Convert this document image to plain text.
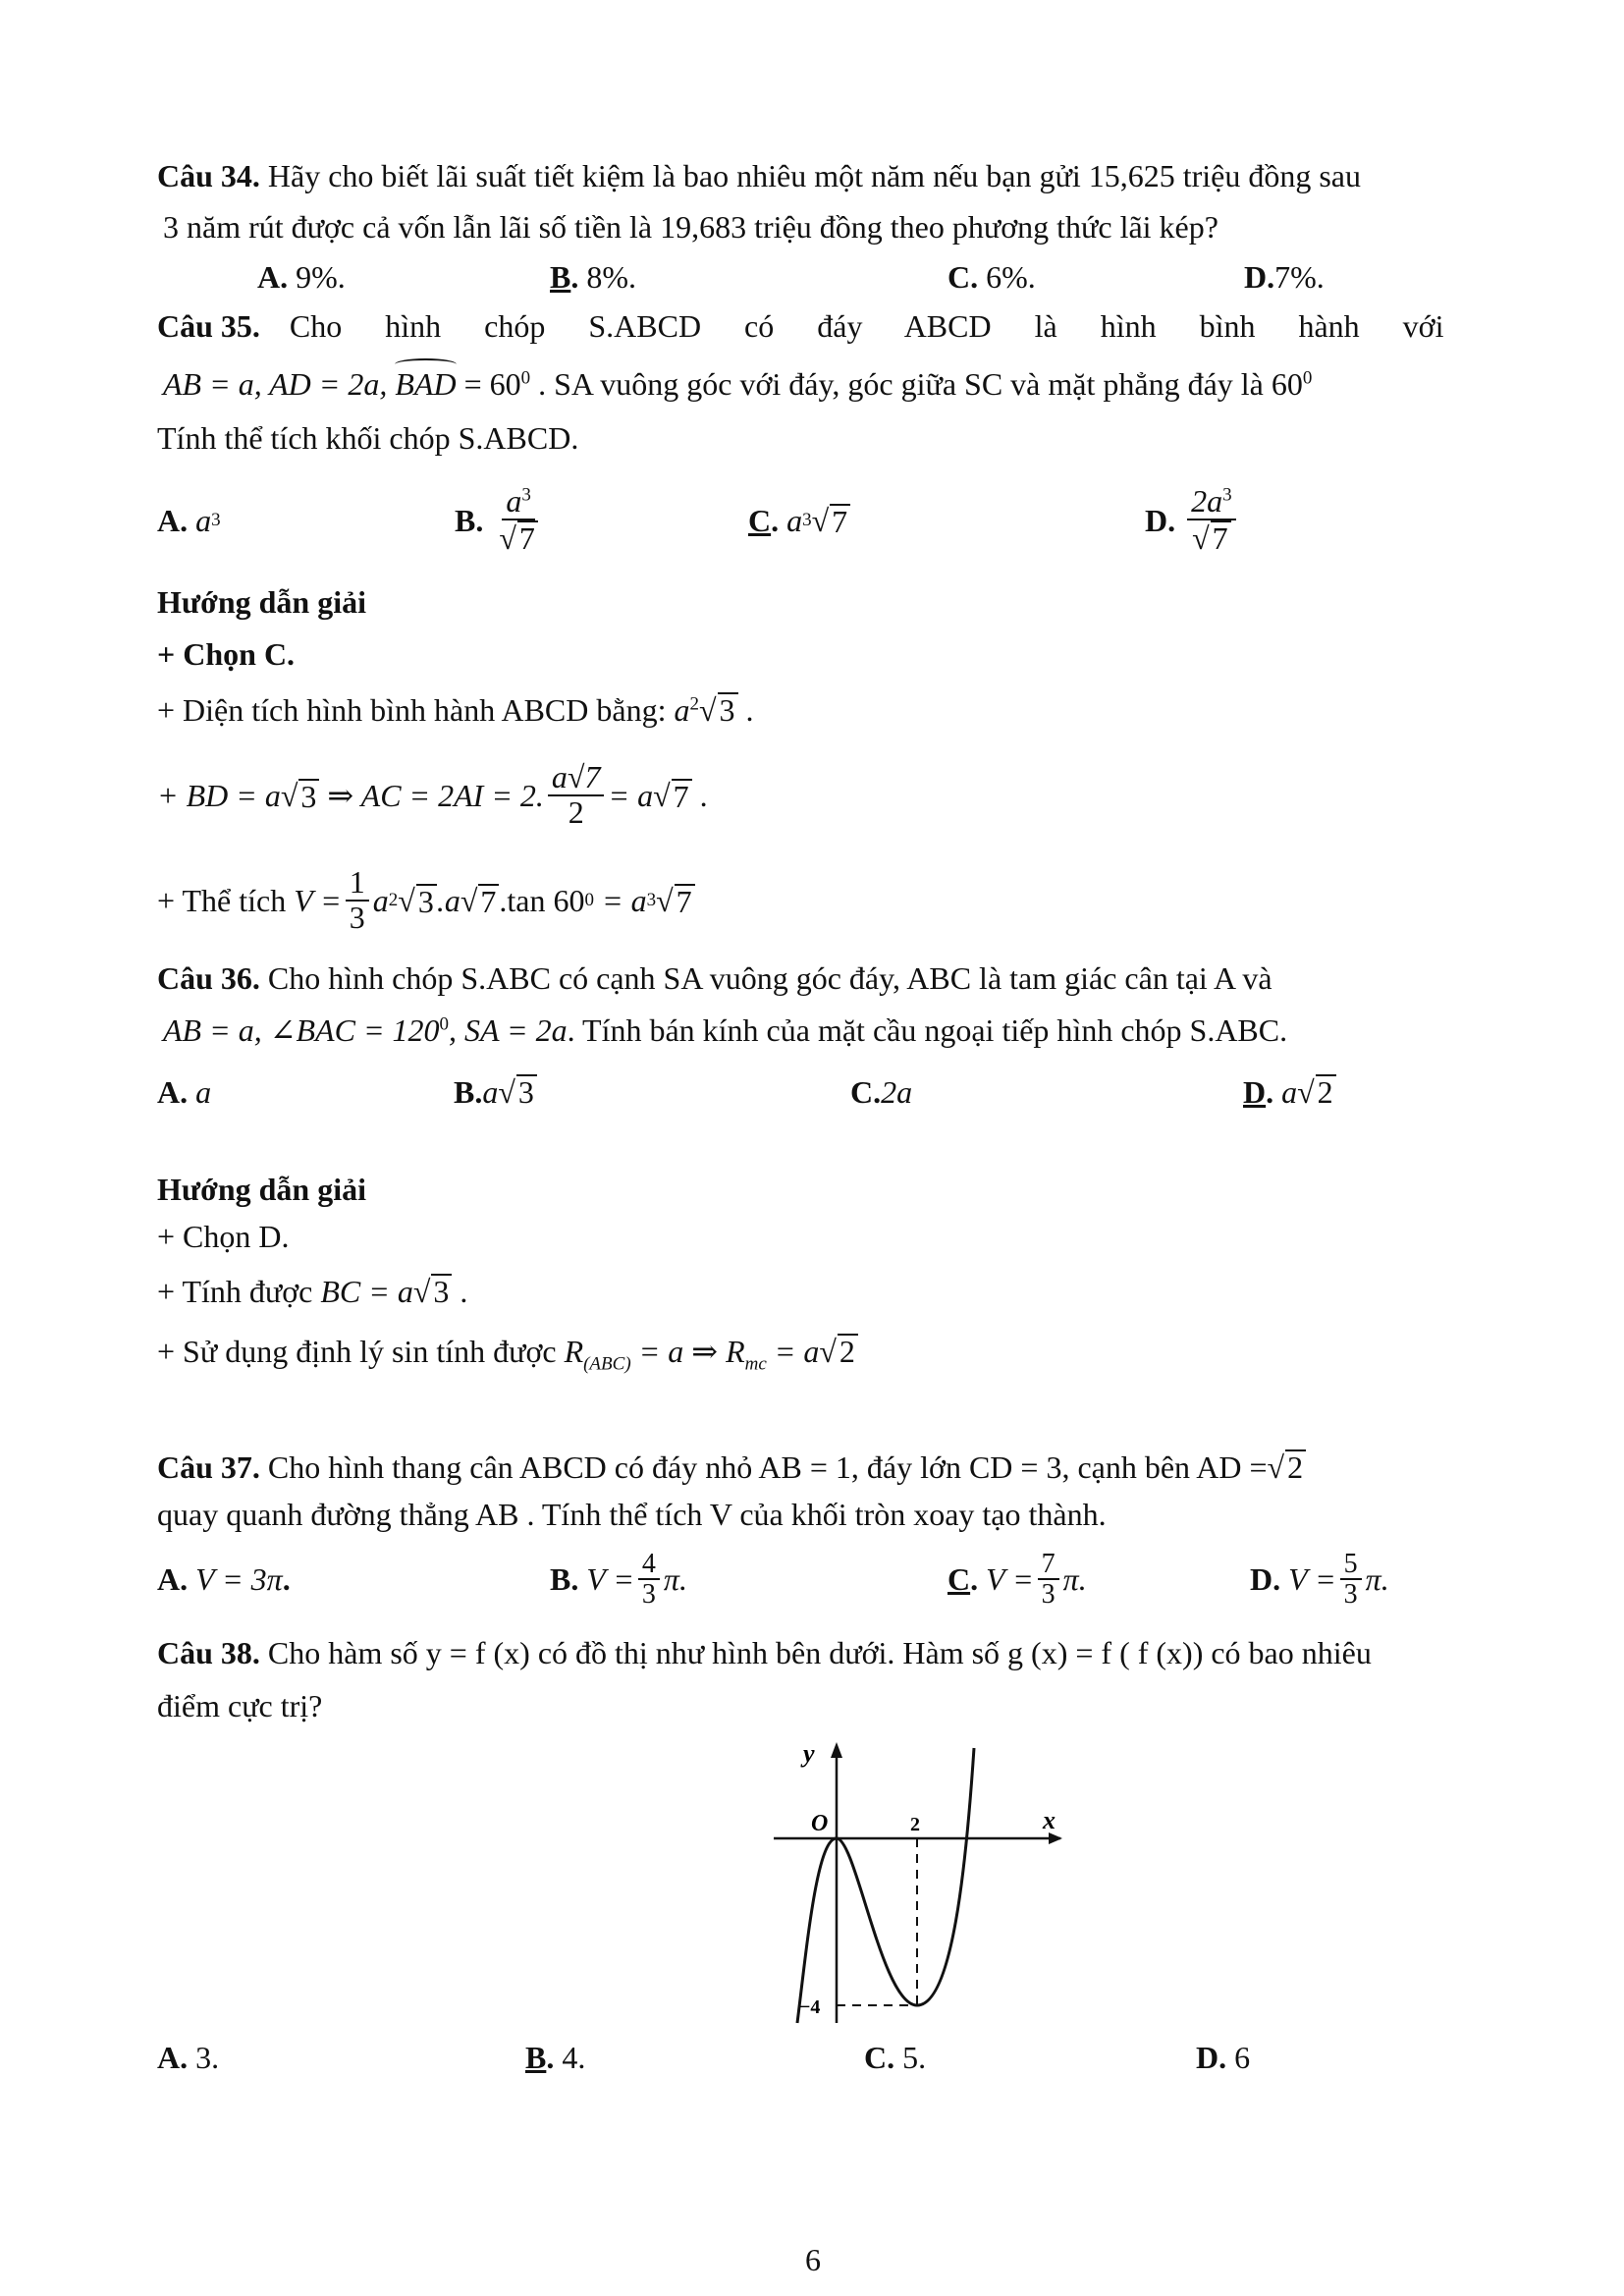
Câu 34. Hãy cho biết lãi suất tiết kiệm là bao nhiêu một năm nếu bạn gửi 15,625 triệu đồng sau
3 năm rút được cả vốn lẫn lãi số tiền là 19,683 triệu đồng theo phương thức lãi kép?
A. 9%.	B. 8%.	C. 6%.	D.7%.
Câu 35. Cho hình chóp S.ABCD có đáy ABCD là hình bình hành với
AB = a, AD = 2a, BAD = $60^0$ . SA vuông góc với đáy, góc giữa SC và mặt phẳng đáy là $60^0$
Tính thể tích khối chóp S.ABCD.
A.
a 3	B.
$\frac{a^3}{√7}$	C .
a 3 √ 7	D.
$\frac{2a^3}{√7}$
Hướng dẫn giải
+ Chọn C.
+ Diện tích hình bình hành ABCD bằng: $a^2√3$ .
+ BD = a √ 3
⇒ AC = 2AI = 2. $\frac{a√7}{2} = a$ √ 7 .
+ Thể tích
$V = \frac{1}{3}$ a 2 √ 3 .a √ 7 .tan 60 0
= a 3 √ 7
Câu 36. Cho hình chóp S.ABC có cạnh SA vuông góc đáy, ABC là tam giác cân tại A và
AB = a, ∠BAC = $120^0$, SA = 2a. Tính bán kính của mặt cầu ngoại tiếp hình chóp S.ABC.
A. a	B.a√3	C.2a	D. a√2
Hướng dẫn giải
+ Chọn D.
+ Tính được BC = a√3 .
+ Sử dụng định lý sin tính được $R_{(ABC)} = a$ ⇒ $R_{mc} = a√2$
Câu 37. Cho hình thang cân ABCD có đáy nhỏ AB = 1, đáy lớn CD = 3, cạnh bên AD =√2
quay quanh đường thẳng AB . Tính thể tích V của khối tròn xoay tạo thành.
A.
V = 3π .	B.
$V = \frac{4}{3} \pi$.	C .
$V = \frac{7}{3} \pi$.	D.
$V = \frac{5}{3} \pi$.
Câu 38. Cho hàm số y = f (x) có đồ thị như hình bên dưới. Hàm số g (x) = f ( f (x)) có bao nhiêu
điểm cực trị?
y
x
O	2
−4
A. 3.	B. 4.	C. 5.	D. 6
6
